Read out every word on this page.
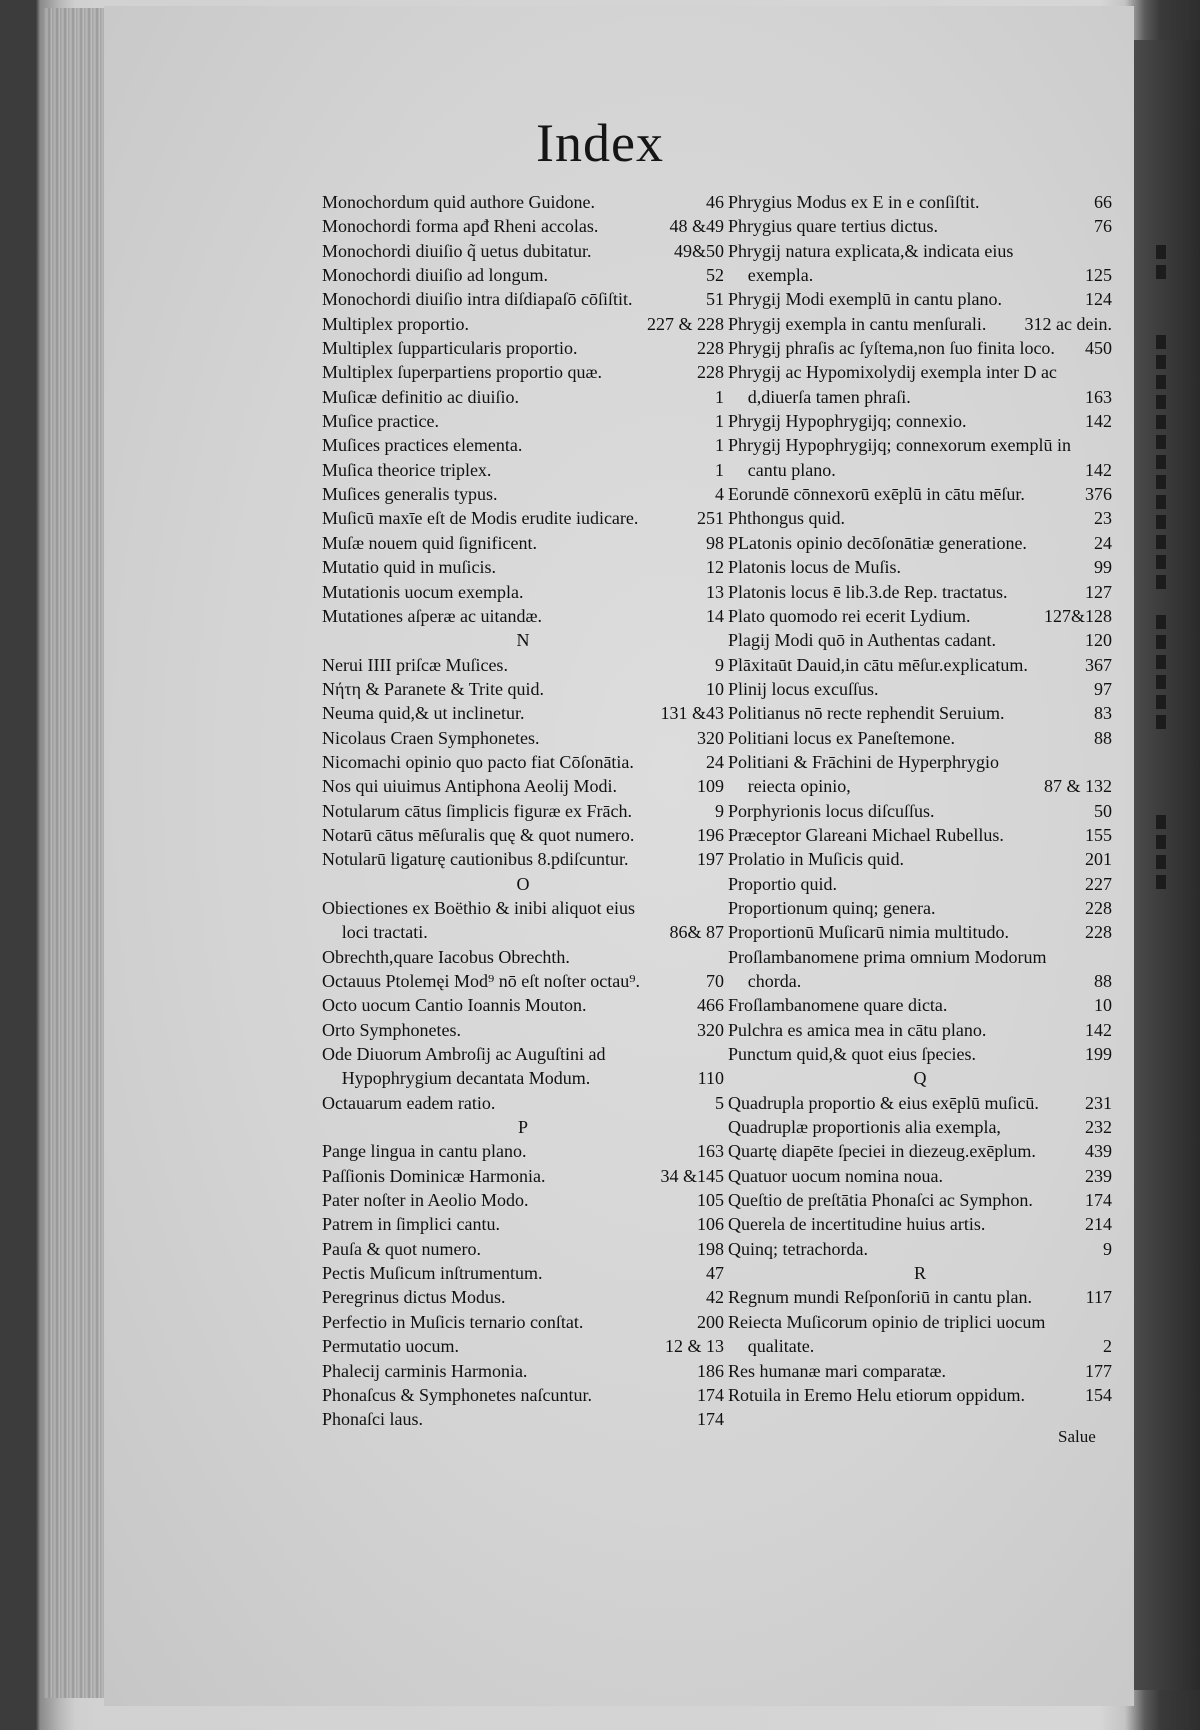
Index
Monochordum quid authore Guidone.	46
Monochordi forma apđ Rheni accolas.	48 &49
Monochordi diuiſio q̃ uetus dubitatur.	49&50
Monochordi diuiſio ad longum.	52
Monochordi diuiſio intra diſdiapaſō cōſiſtit.	51
Multiplex proportio.	227 & 228
Multiplex ſupparticularis proportio.	228
Multiplex ſuperpartiens proportio quæ.	228
Muſicæ definitio ac diuiſio.	1
Muſice practice.	1
Muſices practices elementa.	1
Muſica theorice triplex.	1
Muſices generalis typus.	4
Muſicū maxīe eſt de Modis erudite iudicare.	251
Muſæ nouem quid ſignificent.	98
Mutatio quid in muſicis.	12
Mutationis uocum exempla.	13
Mutationes aſperæ ac uitandæ.	14
N
Nerui IIII priſcæ Muſices.	9
Νήτη & Paranete & Trite quid.	10
Neuma quid,& ut inclinetur.	131 &43
Nicolaus Craen Symphonetes.	320
Nicomachi opinio quo pacto fiat Cōſonātia.	24
Nos qui uiuimus Antiphona Aeolij Modi.	109
Notularum cātus ſimplicis figuræ ex Frāch.	9
Notarū cātus mēſuralis quę & quot numero.	196
Notularū ligaturę cautionibus 8.pdiſcuntur.	197
O
Obiectiones ex Boëthio & inibi aliquot eius loci tractati.	86& 87
Obrechth,quare Iacobus Obrechth.
Octauus Ptolemęi Mod⁹ nō eſt noſter octau⁹.	70
Octo uocum Cantio Ioannis Mouton.	466
Orto Symphonetes.	320
Ode Diuorum Ambroſij ac Auguſtini ad Hypophrygium decantata Modum.	110
Octauarum eadem ratio.	5
P
Pange lingua in cantu plano.	163
Paſſionis Dominicæ Harmonia.	34 &145
Pater noſter in Aeolio Modo.	105
Patrem in ſimplici cantu.	106
Pauſa & quot numero.	198
Pectis Muſicum inſtrumentum.	47
Peregrinus dictus Modus.	42
Perfectio in Muſicis ternario conſtat.	200
Permutatio uocum.	12 & 13
Phalecij carminis Harmonia.	186
Phonaſcus & Symphonetes naſcuntur.	174
Phonaſci laus.	174
Phrygius Modus ex E in e conſiſtit.	66
Phrygius quare tertius dictus.	76
Phrygij natura explicata,& indicata eius exempla.	125
Phrygij Modi exemplū in cantu plano.	124
Phrygij exempla in cantu menſurali.	312 ac dein.
Phrygij phraſis ac ſyſtema,non ſuo finita loco.	450
Phrygij ac Hypomixolydij exempla inter D ac d,diuerſa tamen phraſi.	163
Phrygij Hypophrygijq; connexio.	142
Phrygij Hypophrygijq; connexorum exemplū in cantu plano.	142
Eorundē cōnnexorū exēplū in cātu mēſur.	376
Phthongus quid.	23
PLatonis opinio decōſonātiæ generatione.	24
Platonis locus de Muſis.	99
Platonis locus ē lib.3.de Rep. tractatus.	127
Plato quomodo rei ecerit Lydium.	127&128
Plagij Modi quō in Authentas cadant.	120
Plāxitaūt Dauid,in cātu mēſur.explicatum.	367
Plinij locus excuſſus.	97
Politianus nō recte rephendit Seruium.	83
Politiani locus ex Paneſtemone.	88
Politiani & Frāchini de Hyperphrygio reiecta opinio,	87 & 132
Porphyrionis locus diſcuſſus.	50
Præceptor Glareani Michael Rubellus.	155
Prolatio in Muſicis quid.	201
Proportio quid.	227
Proportionum quinq; genera.	228
Proportionū Muſicarū nimia multitudo.	228
Proſlambanomene prima omnium Modorum chorda.	88
Froſlambanomene quare dicta.	10
Pulchra es amica mea in cātu plano.	142
Punctum quid,& quot eius ſpecies.	199
Q
Quadrupla proportio & eius exēplū muſicū.	231
Quadruplæ proportionis alia exempla,	232
Quartę diapēte ſpeciei in diezeug.exēplum.	439
Quatuor uocum nomina noua.	239
Queſtio de preſtātia Phonaſci ac Symphon.	174
Querela de incertitudine huius artis.	214
Quinq; tetrachorda.	9
R
Regnum mundi Reſponſoriū in cantu plan.	117
Reiecta Muſicorum opinio de triplici uocum qualitate.	2
Res humanæ mari comparatæ.	177
Rotuila in Eremo Helu etiorum oppidum.	154
Salue
